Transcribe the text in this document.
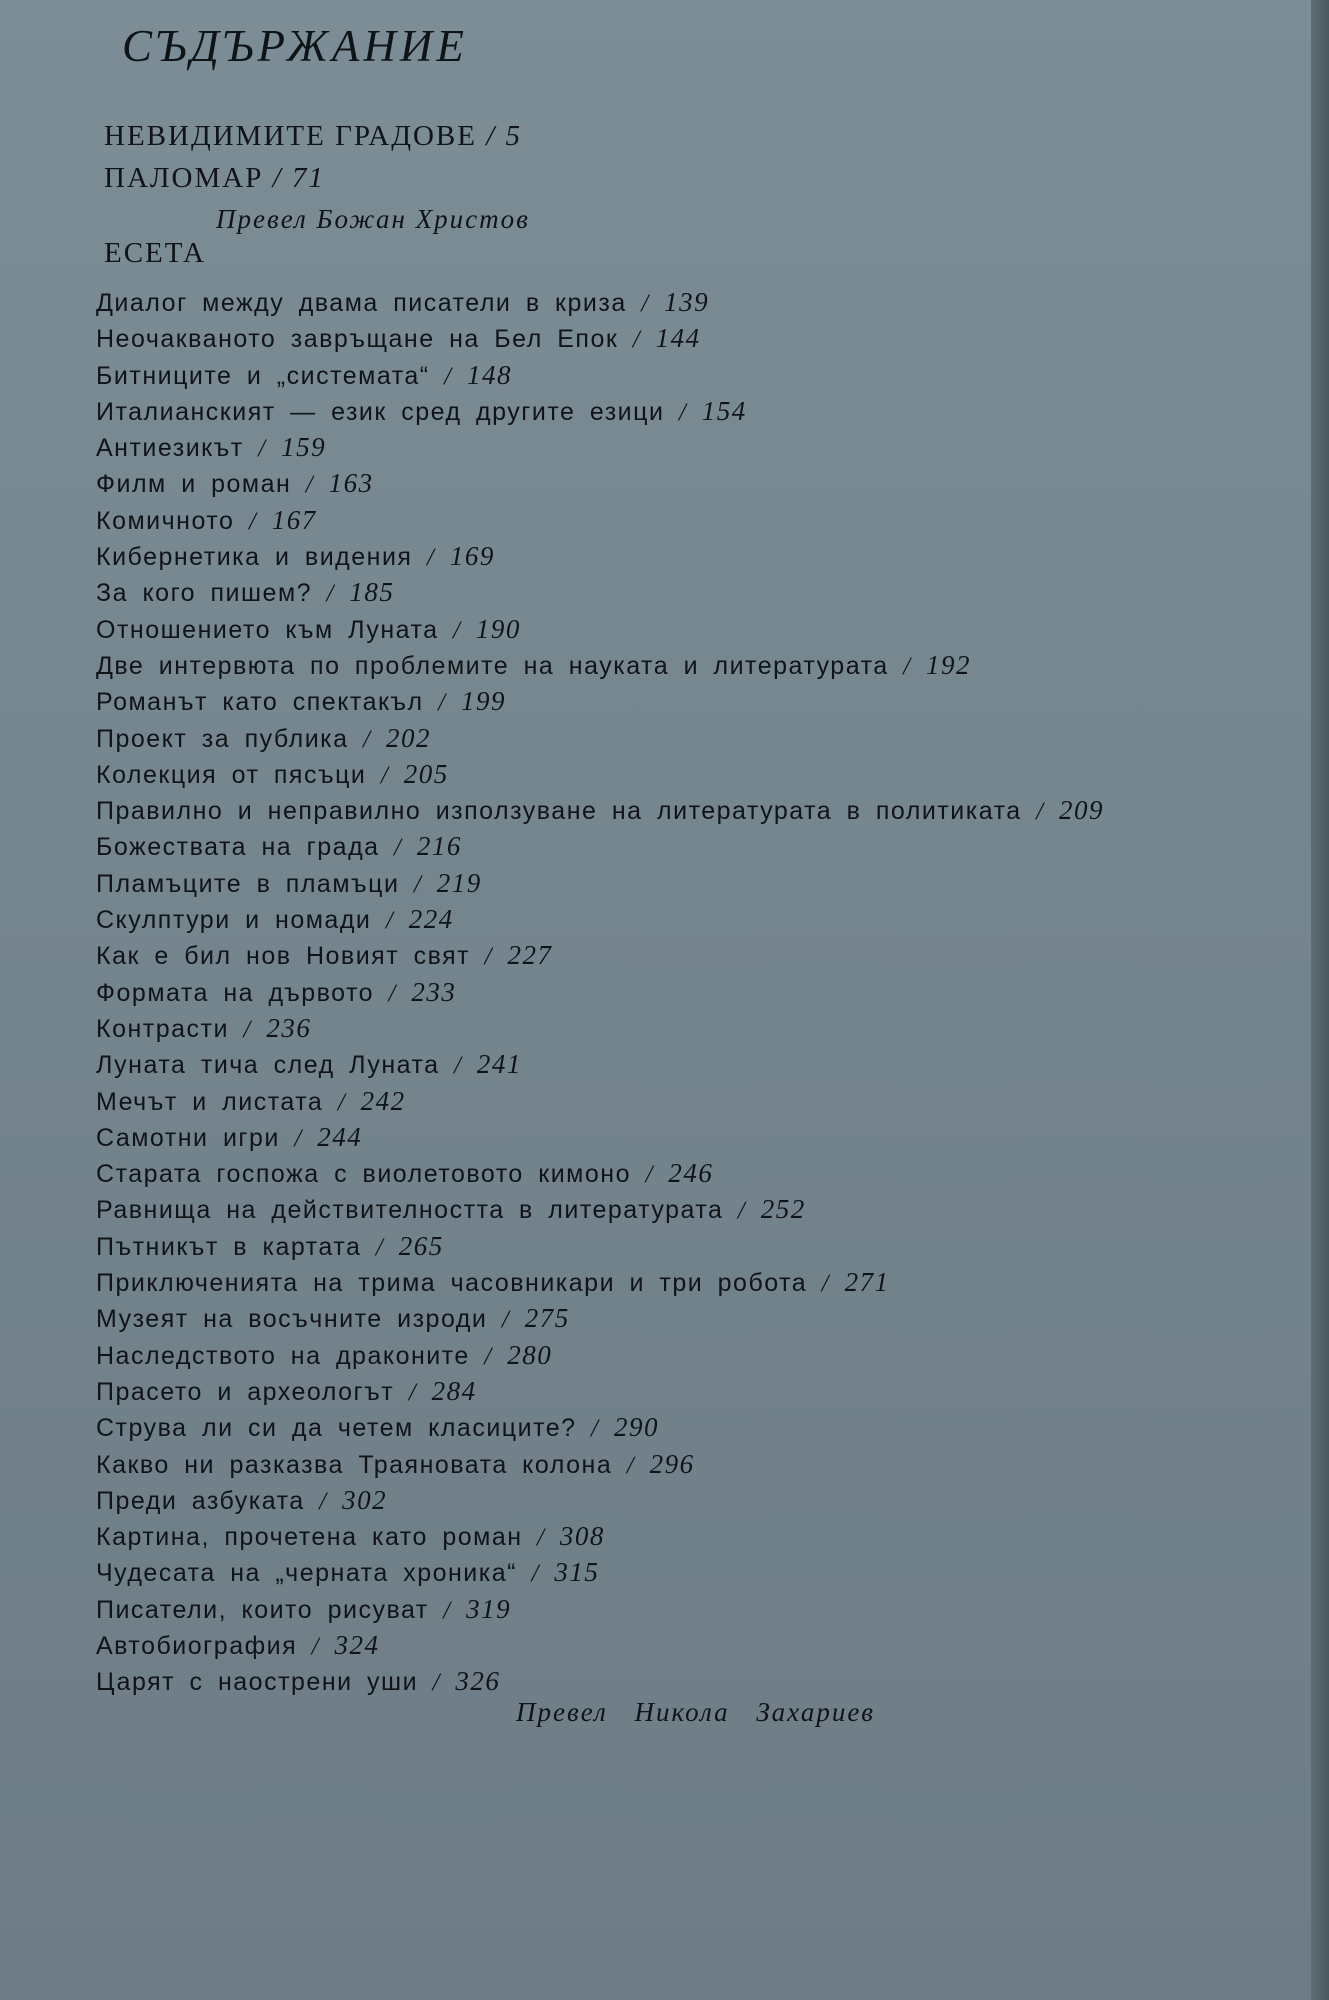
СЪДЪРЖАНИЕ
НЕВИДИМИТЕ ГРАДОВЕ / 5
ПАЛОМАР / 71
Превел Божан Христов
ЕСЕТА
Диалог между двама писатели в криза / 139
Неочакваното завръщане на Бел Епок / 144
Битниците и „системата“ / 148
Италианският — език сред другите езици / 154
Антиезикът / 159
Филм и роман / 163
Комичното / 167
Кибернетика и видения / 169
За кого пишем? / 185
Отношението към Луната / 190
Две интервюта по проблемите на науката и литературата / 192
Романът като спектакъл / 199
Проект за публика / 202
Колекция от пясъци / 205
Правилно и неправилно използуване на литературата в политиката / 209
Божествата на града / 216
Пламъците в пламъци / 219
Скулптури и номади / 224
Как е бил нов Новият свят / 227
Формата на дървото / 233
Контрасти / 236
Луната тича след Луната / 241
Мечът и листата / 242
Самотни игри / 244
Старата госпожа с виолетовото кимоно / 246
Равнища на действителността в литературата / 252
Пътникът в картата / 265
Приключенията на трима часовникари и три робота / 271
Музеят на восъчните изроди / 275
Наследството на драконите / 280
Прасето и археологът / 284
Струва ли си да четем класиците? / 290
Какво ни разказва Траяновата колона / 296
Преди азбуката / 302
Картина, прочетена като роман / 308
Чудесата на „черната хроника“ / 315
Писатели, които рисуват / 319
Автобиография / 324
Царят с наострени уши / 326
Превел Никола Захариев
